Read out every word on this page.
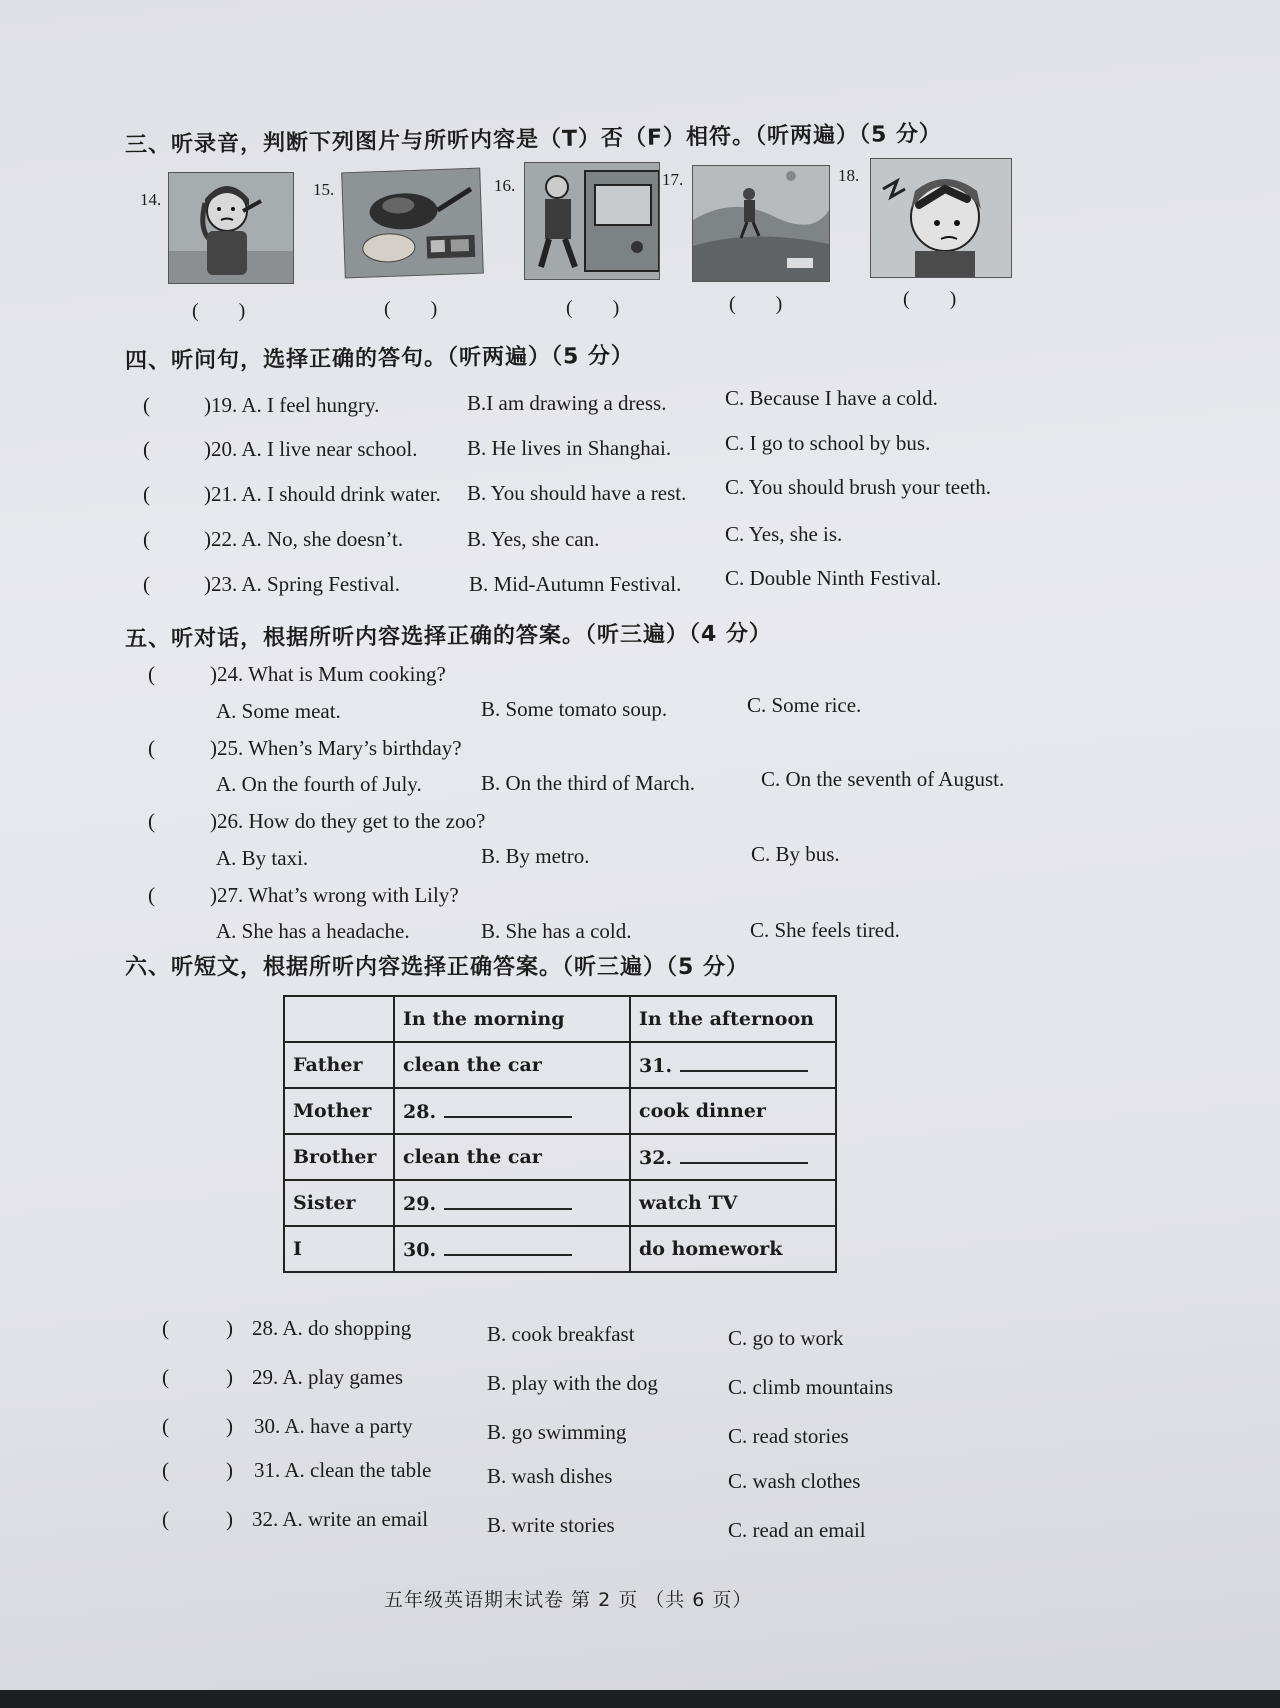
三、听录音，判断下列图片与所听内容是（T）否（F）相符。（听两遍）（5 分）
14.
15.	16.	17.	18.
()	()	()	()	()
四、听问句，选择正确的答句。（听两遍）（5 分）
(	)19. A. I feel hungry.	B.I am drawing a dress.	C. Because I have a cold.
(	)20. A. I live near school. B. He lives in Shanghai.	C. I go to school by bus.
(	)21. A. I should drink water. B. You should have a rest. C. You should brush your teeth.
(	)22. A. No, she doesn’t.	B. Yes, she can.	C. Yes, she is.
(	)23. A. Spring Festival.	B. Mid-Autumn Festival. C. Double Ninth Festival.
五、听对话，根据所听内容选择正确的答案。（听三遍）（4 分）
(	)24. What is Mum cooking?
A. Some meat.	B. Some tomato soup.	C. Some rice.
(	)25. When’s Mary’s birthday?
A. On the fourth of July.	B. On the third of March.	C. On the seventh of August.
(	)26. How do they get to the zoo?
A. By taxi.	B. By metro.	C. By bus.
(	)27. What’s wrong with Lily?
A. She has a headache.	B. She has a cold.	C. She feels tired.
六、听短文，根据所听内容选择正确答案。（听三遍）（5 分）
	In the morning	In the afternoon
Father	clean the car	31.
Mother	28.	cook dinner
Brother	clean the car	32.
Sister	29.	watch TV
I	30.	do homework
(	) 28. A. do shopping	B. cook breakfast	C. go to work
(	) 29. A. play games	B. play with the dog	C. climb mountains
(	) 30. A. have a party	B. go swimming	C. read stories
(	) 31. A. clean the table	B. wash dishes	C. wash clothes
(	) 32. A. write an email	B. write stories	C. read an email
五年级英语期末试卷 第 2 页 （共 6 页）
